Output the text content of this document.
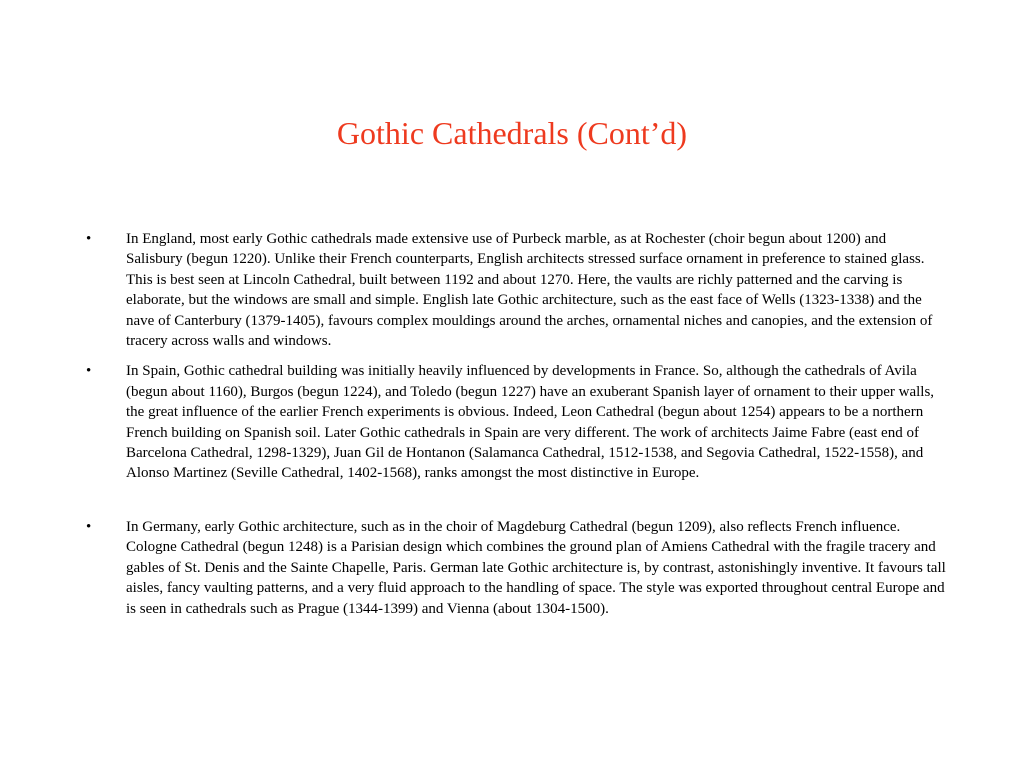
Gothic Cathedrals (Cont’d)
•	In England, most early Gothic cathedrals made extensive use of Purbeck marble, as at Rochester (choir begun about 1200) and Salisbury (begun 1220). Unlike their French counterparts, English architects stressed surface ornament in preference to stained glass. This is best seen at Lincoln Cathedral, built between 1192 and about 1270. Here, the vaults are richly patterned and the carving is elaborate, but the windows are small and simple. English late Gothic architecture, such as the east face of Wells (1323-1338) and the nave of Canterbury (1379-1405), favours complex mouldings around the arches, ornamental niches and canopies, and the extension of tracery across walls and windows.
•	In Spain, Gothic cathedral building was initially heavily influenced by developments in France. So, although the cathedrals of Avila (begun about 1160), Burgos (begun 1224), and Toledo (begun 1227) have an exuberant Spanish layer of ornament to their upper walls, the great influence of the earlier French experiments is obvious. Indeed, Leon Cathedral (begun about 1254) appears to be a northern French building on Spanish soil. Later Gothic cathedrals in Spain are very different. The work of architects Jaime Fabre (east end of Barcelona Cathedral, 1298-1329), Juan Gil de Hontanon (Salamanca Cathedral, 1512-1538, and Segovia Cathedral, 1522-1558), and Alonso Martinez (Seville Cathedral, 1402-1568), ranks amongst the most distinctive in Europe.
•	In Germany, early Gothic architecture, such as in the choir of Magdeburg Cathedral (begun 1209), also reflects French influence. Cologne Cathedral (begun 1248) is a Parisian design which combines the ground plan of Amiens Cathedral with the fragile tracery and gables of St. Denis and the Sainte Chapelle, Paris. German late Gothic architecture is, by contrast, astonishingly inventive. It favours tall aisles, fancy vaulting patterns, and a very fluid approach to the handling of space. The style was exported throughout central Europe and is seen in cathedrals such as Prague (1344-1399) and Vienna (about 1304-1500).
